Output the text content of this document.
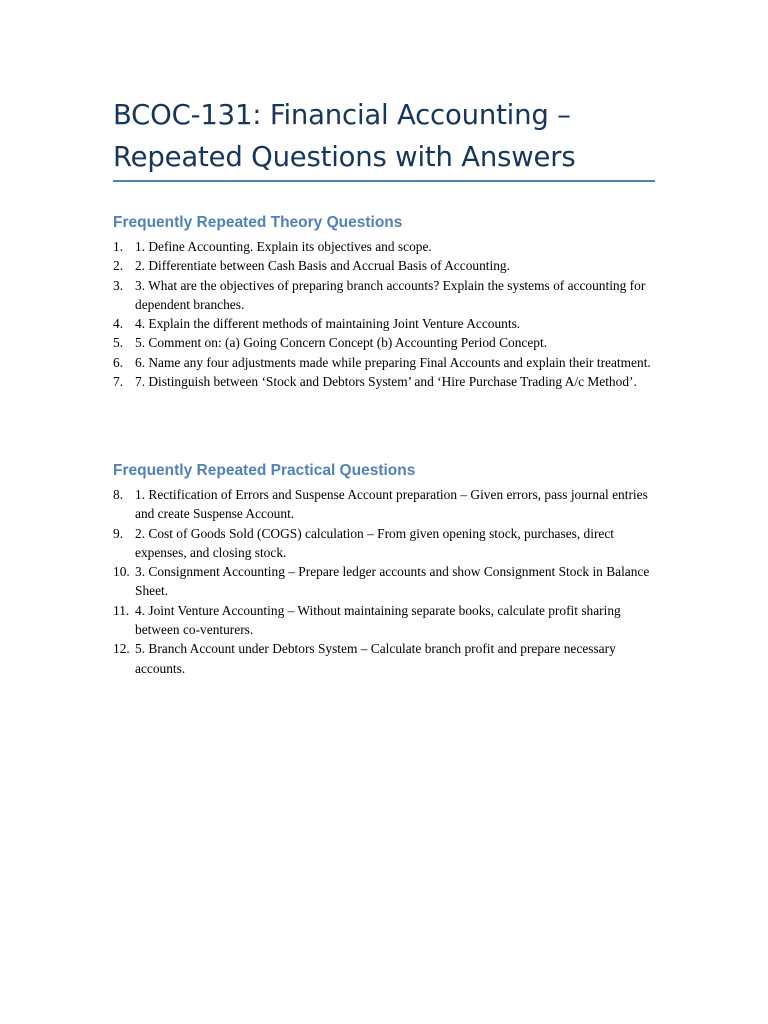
BCOC-131: Financial Accounting –
Repeated Questions with Answers
Frequently Repeated Theory Questions
1. 1. Define Accounting. Explain its objectives and scope.
2. 2. Differentiate between Cash Basis and Accrual Basis of Accounting.
3. 3. What are the objectives of preparing branch accounts? Explain the systems of accounting for dependent branches.
4. 4. Explain the different methods of maintaining Joint Venture Accounts.
5. 5. Comment on: (a) Going Concern Concept (b) Accounting Period Concept.
6. 6. Name any four adjustments made while preparing Final Accounts and explain their treatment.
7. 7. Distinguish between ‘Stock and Debtors System’ and ‘Hire Purchase Trading A/c Method’.
Frequently Repeated Practical Questions
8. 1. Rectification of Errors and Suspense Account preparation – Given errors, pass journal entries and create Suspense Account.
9. 2. Cost of Goods Sold (COGS) calculation – From given opening stock, purchases, direct expenses, and closing stock.
10. 3. Consignment Accounting – Prepare ledger accounts and show Consignment Stock in Balance Sheet.
11. 4. Joint Venture Accounting – Without maintaining separate books, calculate profit sharing between co-venturers.
12. 5. Branch Account under Debtors System – Calculate branch profit and prepare necessary accounts.
